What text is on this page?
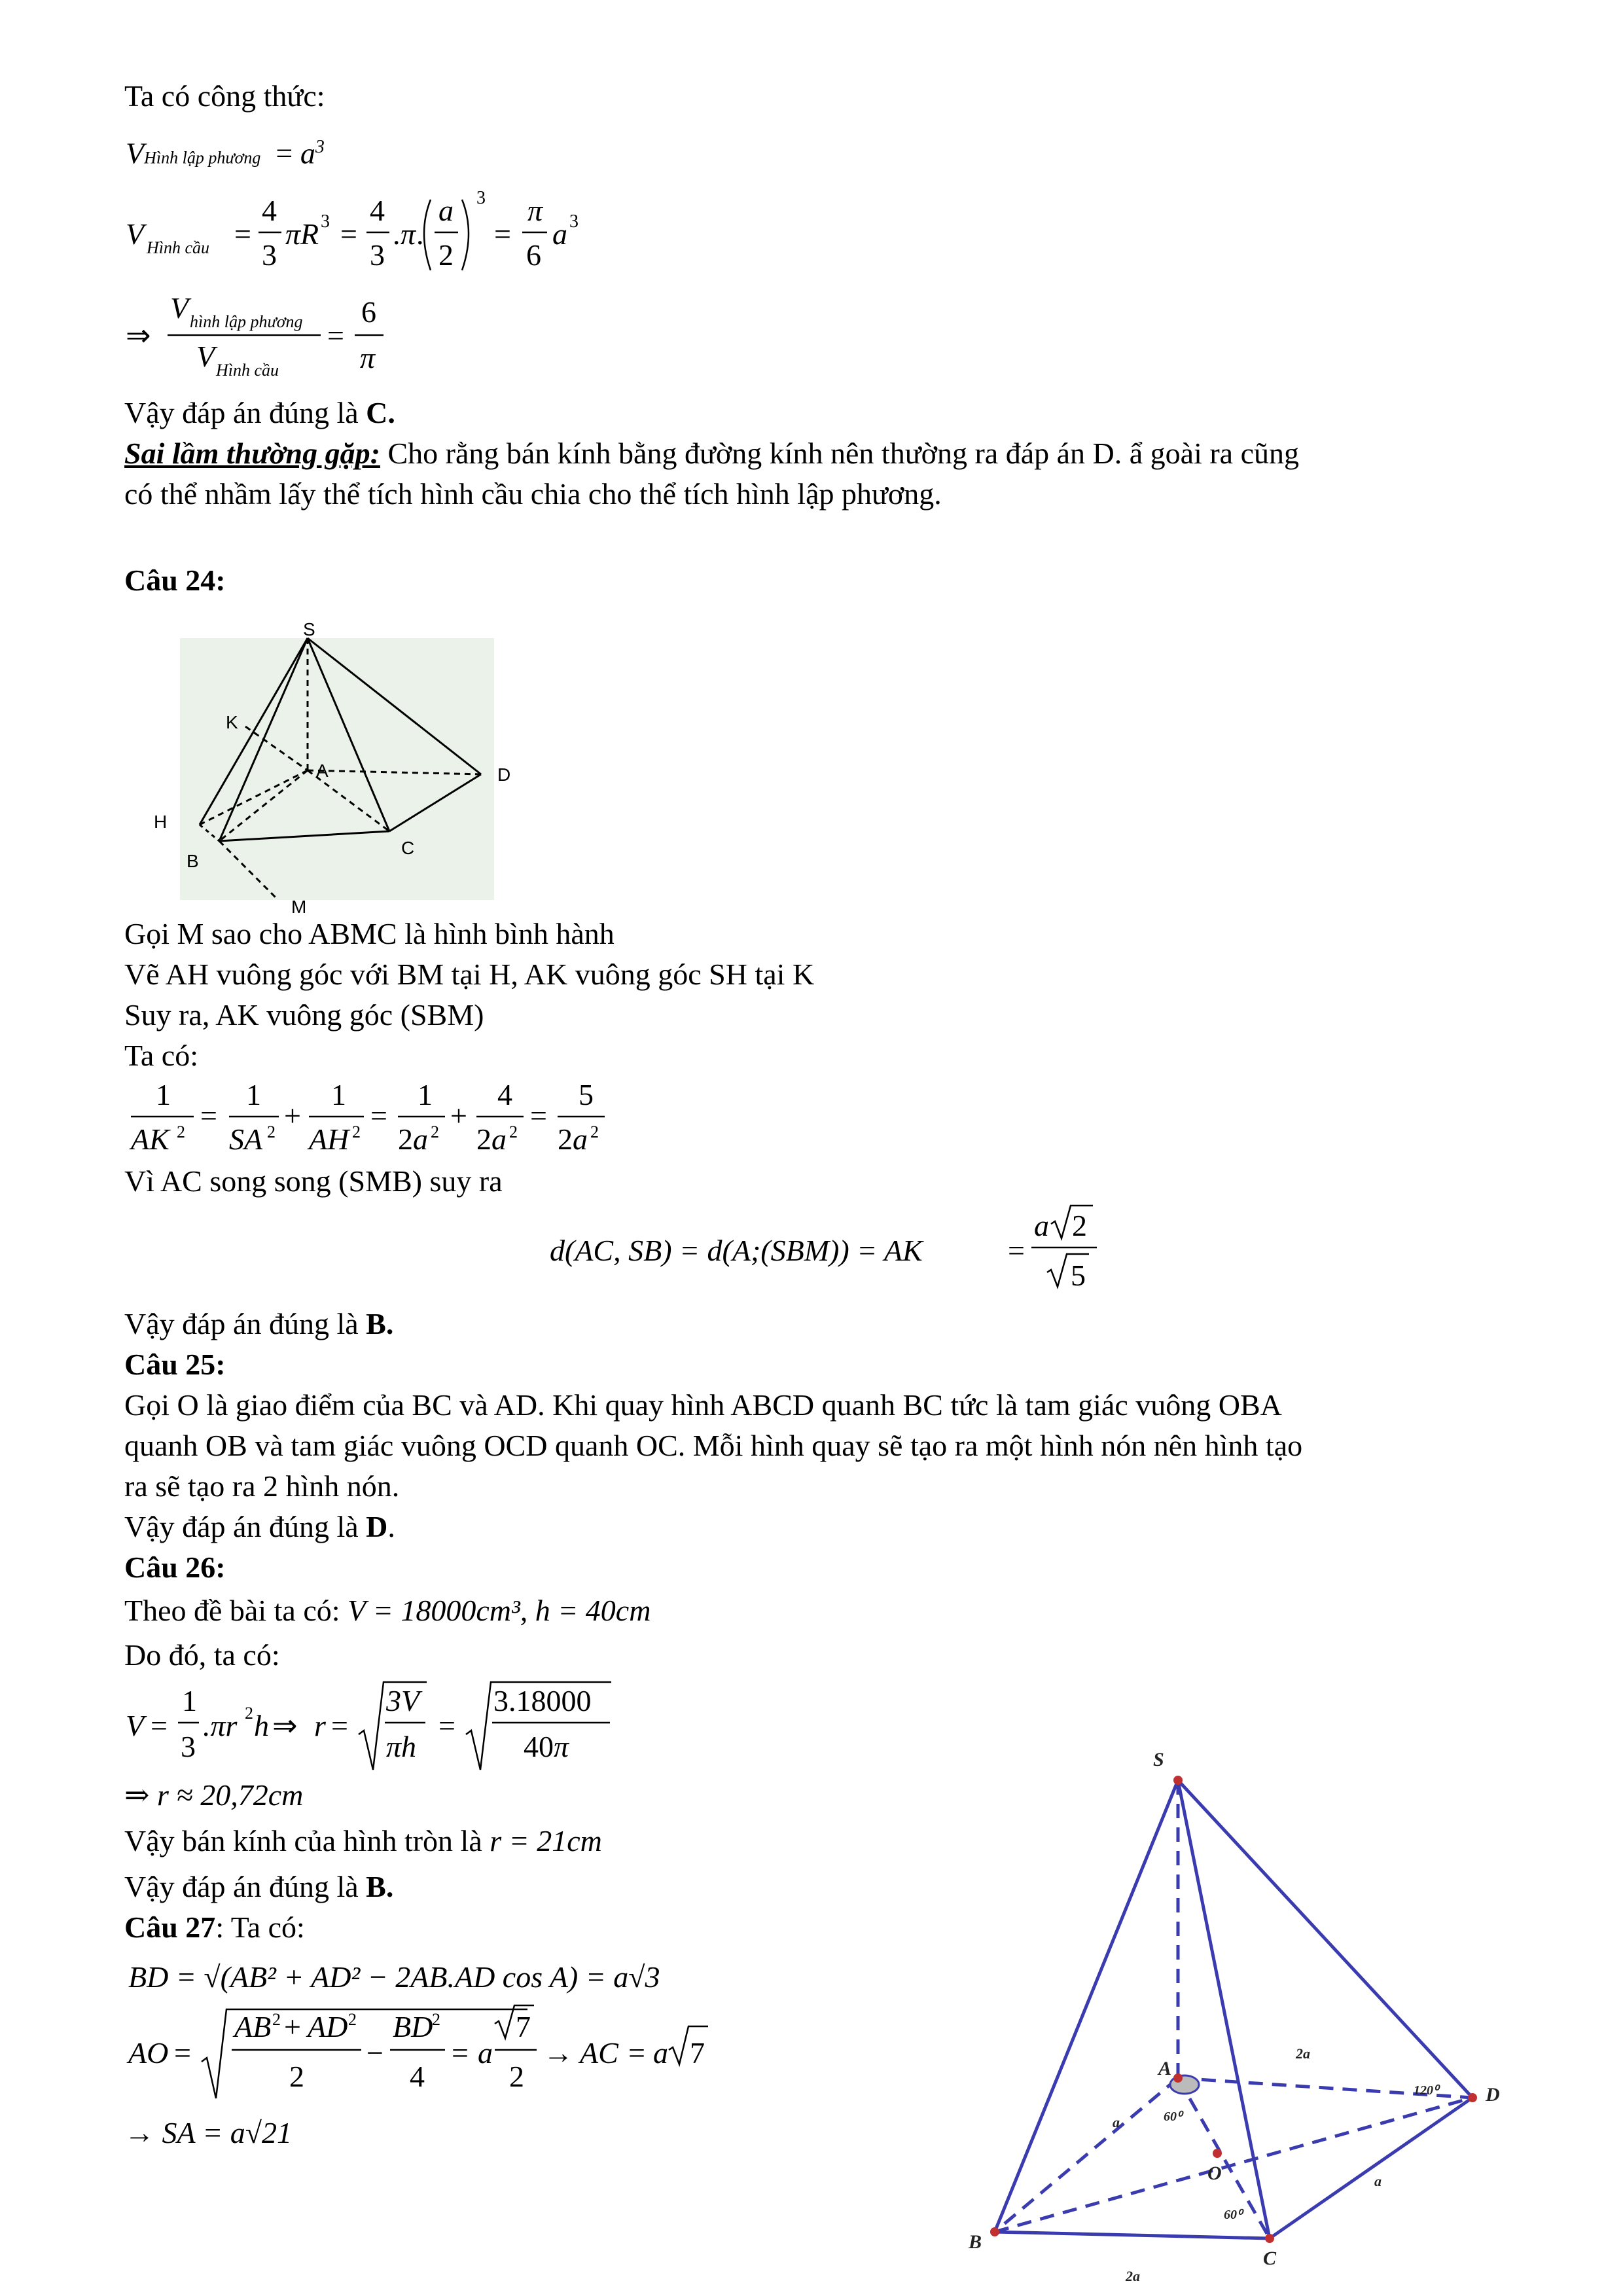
Ta có công thức:
VHình lập phương = $a^3$
V Hình cầu =
4
3
πR 3 =
4
3
. π .
a
2
3
=
π
6
a 3
⇒
V hình lập phương
V Hình cầu
=
6
π
Vậy đáp án đúng là C.
Sai lầm thường gặp: Cho rằng bán kính bằng đường kính nên thường ra đáp án D. ẩ goài ra cũng
có thể nhầm lấy thể tích hình cầu chia cho thể tích hình lập phương.
Câu 24:
S
K
A	D
H
B
C
M
Gọi M sao cho ABMC là hình bình hành
Vẽ AH vuông góc với BM tại H, AK vuông góc SH tại K
Suy ra, AK vuông góc (SBM)
Ta có:
1
AK 2 =
1
SA 2 +
1
AH 2 =
1
2a 2 +
4
2a 2 =
5
2a 2
Vì AC song song (SMB) suy ra
d(AC, SB) = d(A;(SBM)) = AK	=
a 2
5
Vậy đáp án đúng là B.
Câu 25:
Gọi O là giao điểm của BC và AD. Khi quay hình ABCD quanh BC tức là tam giác vuông OBA
quanh OB và tam giác vuông OCD quanh OC. Mỗi hình quay sẽ tạo ra một hình nón nên hình tạo
ra sẽ tạo ra 2 hình nón.
Vậy đáp án đúng là D.
Câu 26:
Theo đề bài ta có: V = 18000cm³, h = 40cm
Do đó, ta có:
V =
1
3
.πr 2 h ⇒ r =
3V
πh
=
3.18000
40π
⇒ r ≈ 20,72cm
Vậy bán kính của hình tròn là r = 21cm
Vậy đáp án đúng là B.
Câu 27: Ta có:
BD = √(AB² + AD² − 2AB.AD cos A) = a√3
AO =
AB 2 + AD 2
2
−
BD
2
4
= a
7
2
→ AC = a 7
→ SA = a√21
S
A
D
B
C
O
60⁰
60⁰
120⁰
2a
a
a
2a
